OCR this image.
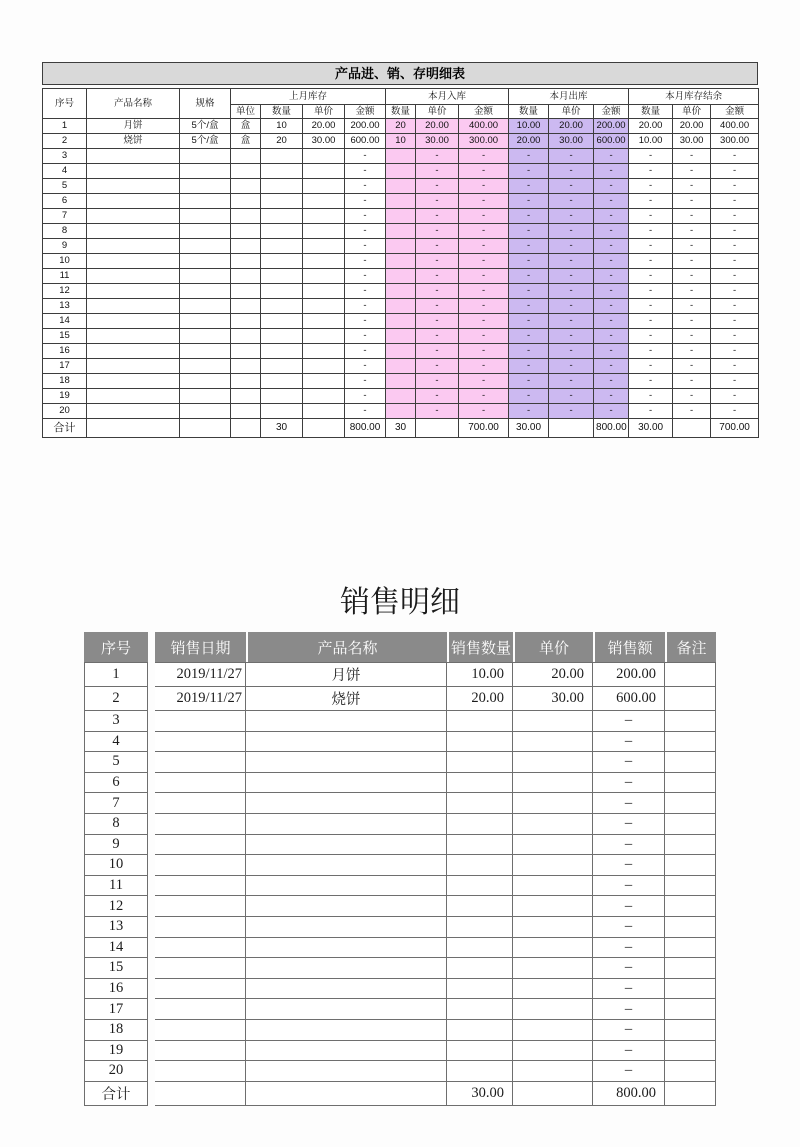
产品进、销、存明细表
序号	产品名称	规格	上月库存				本月入库			本月出库			本月库存结余		
			单位	数量	单价	金额	数量	单价	金额	数量	单价	金额	数量	单价	金额
1	月饼	5个/盒	盒	10	20.00	200.00	20	20.00	400.00	10.00	20.00	200.00	20.00	20.00	400.00
2	烧饼	5个/盒	盒	20	30.00	600.00	10	30.00	300.00	20.00	30.00	600.00	10.00	30.00	300.00
3						-		-	-	-	-	-	-	-	-
4						-		-	-	-	-	-	-	-	-
5						-		-	-	-	-	-	-	-	-
6						-		-	-	-	-	-	-	-	-
7						-		-	-	-	-	-	-	-	-
8						-		-	-	-	-	-	-	-	-
9						-		-	-	-	-	-	-	-	-
10						-		-	-	-	-	-	-	-	-
11						-		-	-	-	-	-	-	-	-
12						-		-	-	-	-	-	-	-	-
13						-		-	-	-	-	-	-	-	-
14						-		-	-	-	-	-	-	-	-
15						-		-	-	-	-	-	-	-	-
16						-		-	-	-	-	-	-	-	-
17						-		-	-	-	-	-	-	-	-
18						-		-	-	-	-	-	-	-	-
19						-		-	-	-	-	-	-	-	-
20						-		-	-	-	-	-	-	-	-
合计				30		800.00	30		700.00	30.00		800.00	30.00		700.00
销售明细
序号		销售日期	产品名称	销售数量	单价	销售额	备注
1		2019/11/27	月饼	10.00	20.00	200.00	
2		2019/11/27	烧饼	20.00	30.00	600.00	
3						–	
4						–	
5						–	
6						–	
7						–	
8						–	
9						–	
10						–	
11						–	
12						–	
13						–	
14						–	
15						–	
16						–	
17						–	
18						–	
19						–	
20						–	
合计				30.00		800.00	
